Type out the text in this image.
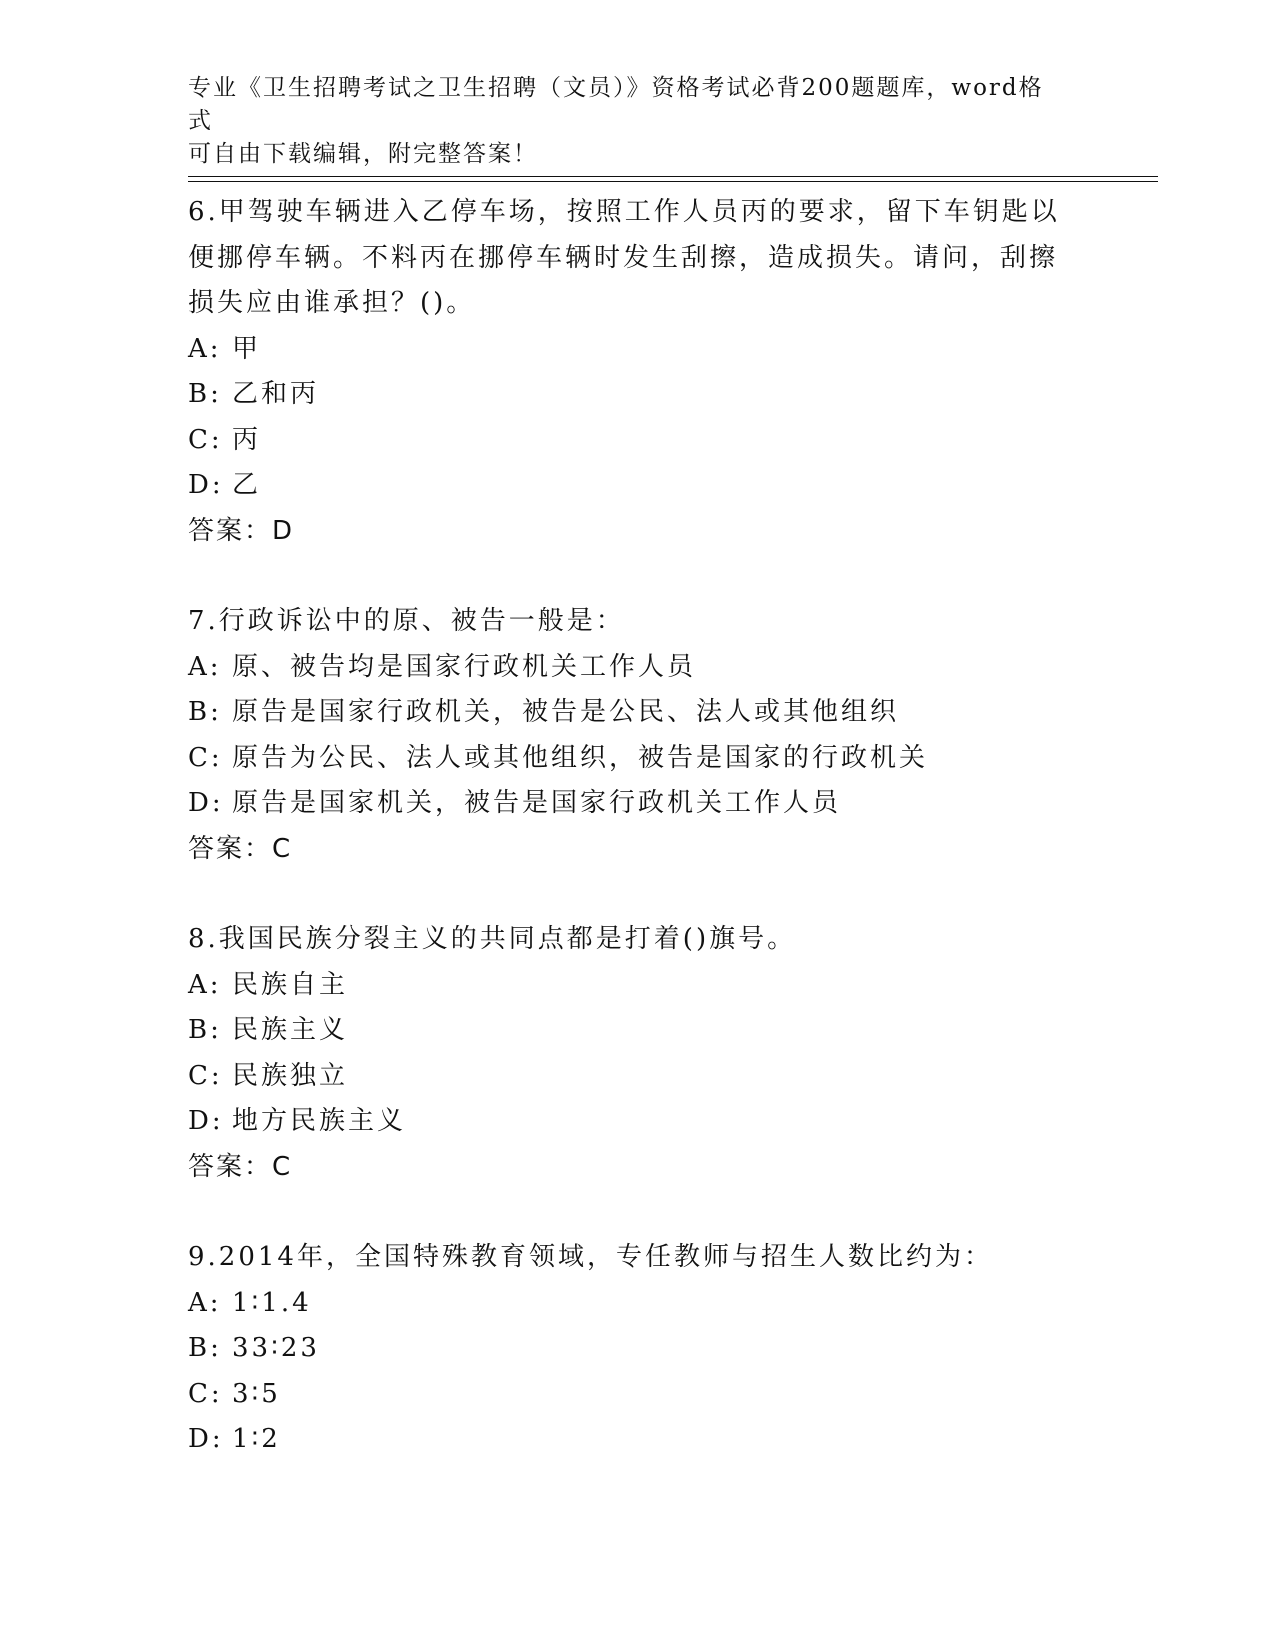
专业《卫生招聘考试之卫生招聘（文员）》资格考试必背200题题库，word格式
可自由下载编辑，附完整答案！
6.甲驾驶车辆进入乙停车场，按照工作人员丙的要求，留下车钥匙以便挪停车辆。不料丙在挪停车辆时发生刮擦，造成损失。请问，刮擦损失应由谁承担？()。
A: 甲
B: 乙和丙
C: 丙
D: 乙
答案：D
7.行政诉讼中的原、被告一般是：
A: 原、被告均是国家行政机关工作人员
B: 原告是国家行政机关，被告是公民、法人或其他组织
C: 原告为公民、法人或其他组织，被告是国家的行政机关
D: 原告是国家机关，被告是国家行政机关工作人员
答案：C
8.我国民族分裂主义的共同点都是打着()旗号。
A: 民族自主
B: 民族主义
C: 民族独立
D: 地方民族主义
答案：C
9.2014年，全国特殊教育领域，专任教师与招生人数比约为：
A: 1∶1.4
B: 33∶23
C: 3∶5
D: 1∶2
